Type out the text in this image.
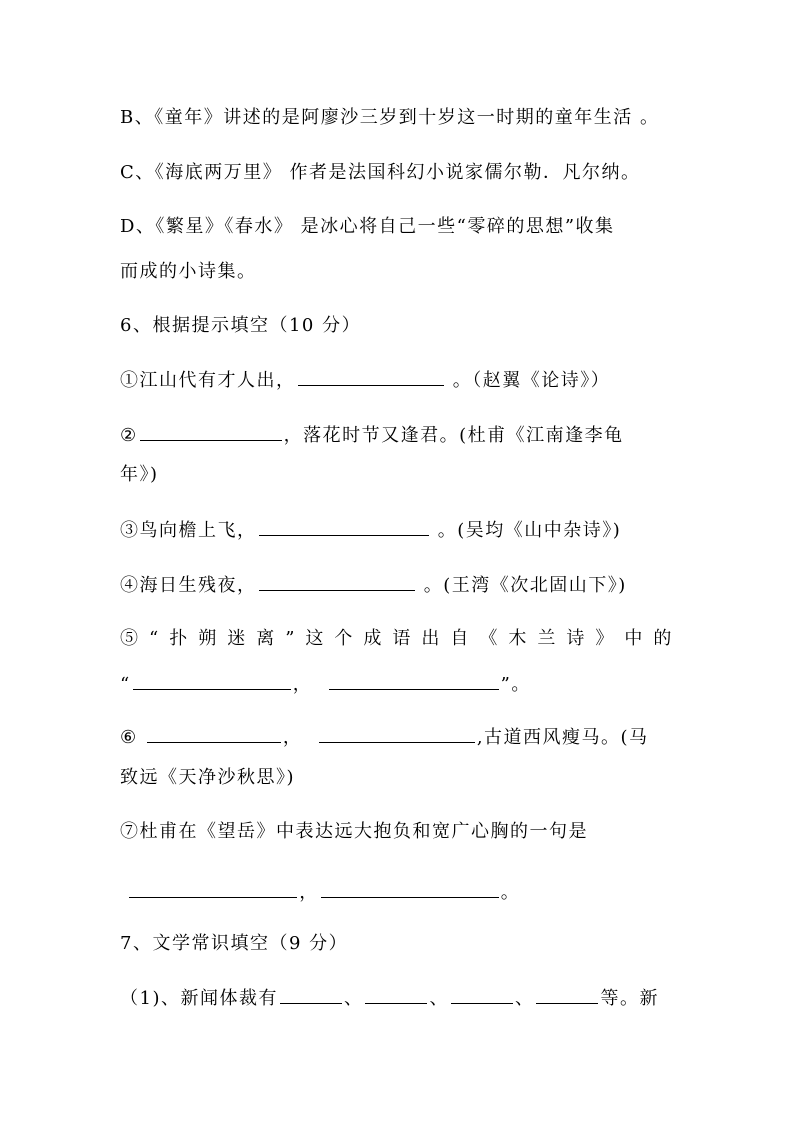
B、《童年》讲述的是阿廖沙三岁到十岁这一时期的童年生活 。
C、《海底两万里》 作者是法国科幻小说家儒尔勒．凡尔纳。
D、《繁星》《春水》 是冰心将自己一些“零碎的思想”收集
而成的小诗集。
6、根据提示填空（10 分）
①江山代有才人出，	。（赵翼《论诗》）
②	，落花时节又逢君。(杜甫《江南逢李龟
年》)
③鸟向檐上飞，	。(吴均《山中杂诗》)
④海日生残夜，	。(王湾《次北固山下》)
⑤“扑朔迷离”这个成语出自《木兰诗》中的
“	，	”。
⑥	，	,古道西风瘦马。(马
致远《天净沙秋思》)
⑦杜甫在《望岳》中表达远大抱负和宽广心胸的一句是
，	。
7、文学常识填空（9 分）
（1)、新闻体裁有	、	、	、	等。新
